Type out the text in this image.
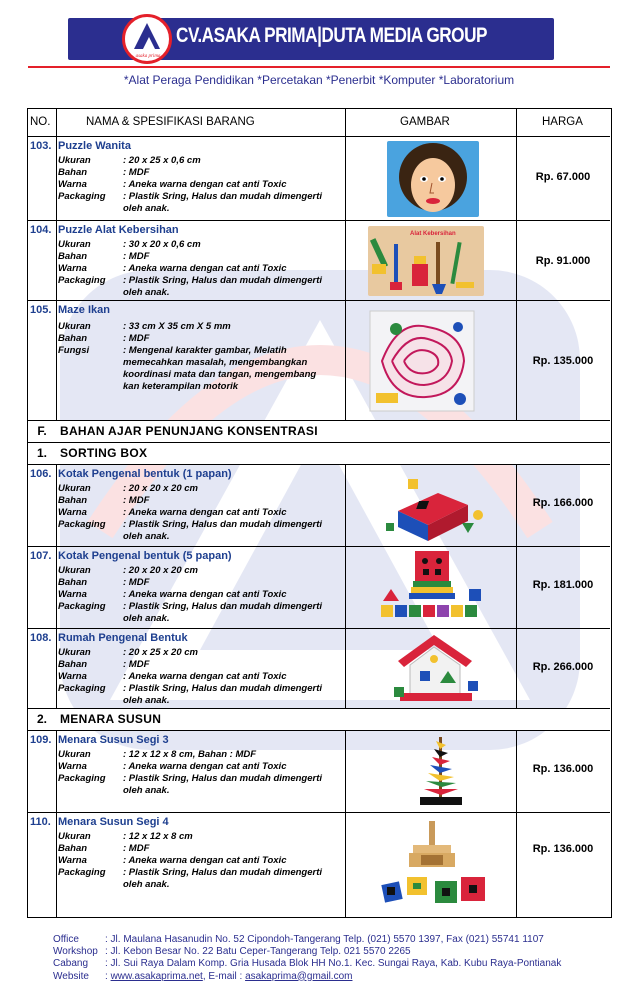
asaka prima
CV.ASAKA PRIMA|DUTA MEDIA GROUP
*Alat Peraga Pendidikan *Percetakan *Penerbit *Komputer *Laboratorium
NO.	NAMA & SPESIFIKASI BARANG	GAMBAR	HARGA
103. Puzzle Wanita
Ukuran	: 20 x 25 x 0,6 cm
Bahan	: MDF
Warna	: Aneka warna dengan cat anti Toxic
Packaging	: Plastik Sring, Halus dan mudah dimengerti
oleh anak.
Rp. 67.000
104. Puzzle Alat Kebersihan
Ukuran	: 30 x 20 x 0,6 cm
Bahan	: MDF
Warna	: Aneka warna dengan cat anti Toxic
Packaging	: Plastik Sring, Halus dan mudah dimengerti
oleh anak.
Alat Kebersihan
Rp. 91.000
105. Maze Ikan
Ukuran	: 33 cm X 35 cm X 5 mm
Bahan	: MDF
Fungsi	: Mengenal karakter gambar, Melatih
memecahkan masalah, mengembangkan
koordinasi mata dan tangan, mengembang
kan keterampilan motorik
Rp. 135.000
F.	BAHAN AJAR PENUNJANG KONSENTRASI
1.	SORTING BOX
106. Kotak Pengenal bentuk (1 papan)
Ukuran	: 20 x 20 x 20 cm
Bahan	: MDF
Warna	: Aneka warna dengan cat anti Toxic
Packaging	: Plastik Sring, Halus dan mudah dimengerti
oleh anak.
Rp. 166.000
107. Kotak Pengenal bentuk (5 papan)
Ukuran	: 20 x 20 x 20 cm
Bahan	: MDF
Warna	: Aneka warna dengan cat anti Toxic
Packaging	: Plastik Sring, Halus dan mudah dimengerti
oleh anak.
Rp. 181.000
108. Rumah Pengenal Bentuk
Ukuran	: 20 x 25 x 20 cm
Bahan	: MDF
Warna	: Aneka warna dengan cat anti Toxic
Packaging	: Plastik Sring, Halus dan mudah dimengerti
oleh anak.
Rp. 266.000
2.	MENARA SUSUN
109. Menara Susun Segi 3
Ukuran	: 12 x 12 x 8 cm, Bahan : MDF
Warna	: Aneka warna dengan cat anti Toxic
Packaging	: Plastik Sring, Halus dan mudah dimengerti
oleh anak.
Rp. 136.000
110. Menara Susun Segi 4
Ukuran	: 12 x 12 x 8 cm
Bahan	: MDF
Warna	: Aneka warna dengan cat anti Toxic
Packaging	: Plastik Sring, Halus dan mudah dimengerti
oleh anak.
Rp. 136.000
Office	: Jl. Maulana Hasanudin No. 52 Cipondoh-Tangerang Telp. (021) 5570 1397, Fax (021) 55741 1107
Workshop : Jl. Kebon Besar No. 22 Batu Ceper-Tangerang Telp. 021 5570 2265
Cabang	: Jl. Sui Raya Dalam Komp. Gria Husada Blok HH No.1. Kec. Sungai Raya, Kab. Kubu Raya-Pontianak
Website	: www.asakaprima.net, E-mail : asakaprima@gmail.com
